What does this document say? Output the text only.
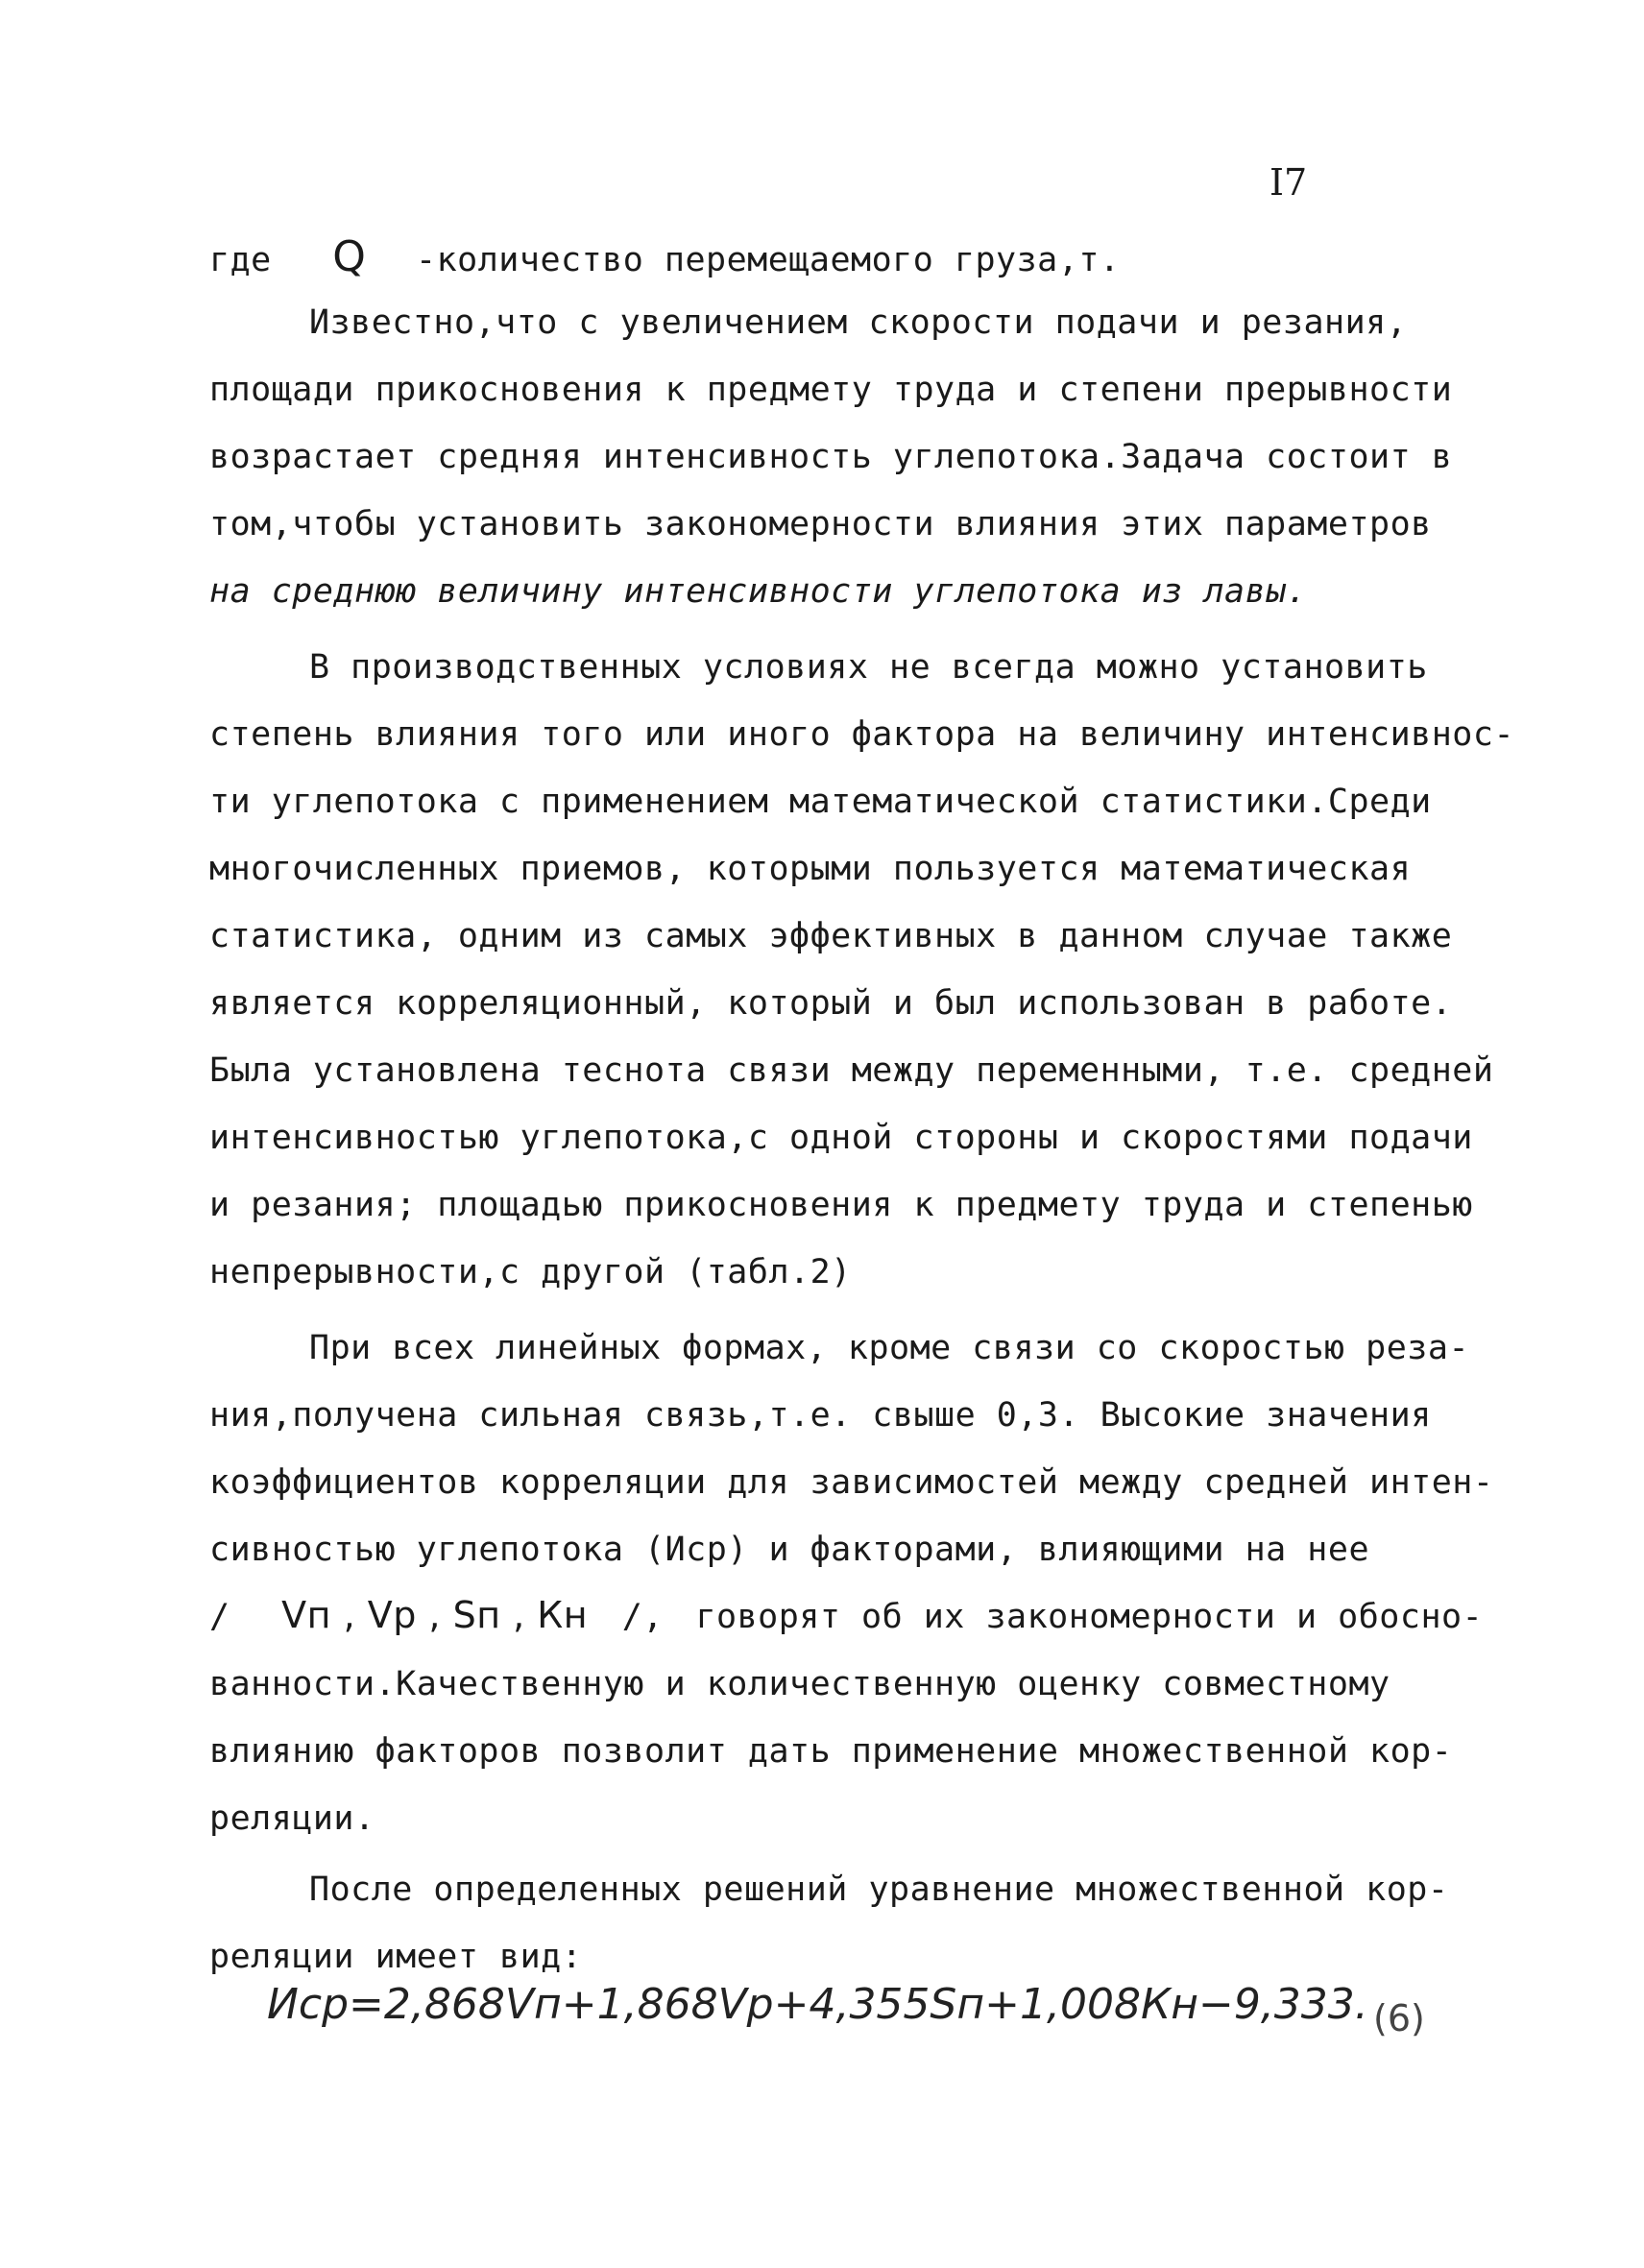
I7
где Q -количество перемещаемого груза,т.
Известно,что с увеличением скорости подачи и резания,
площади прикосновения к предмету труда и степени прерывности
возрастает средняя интенсивность углепотока.Задача состоит в
том,чтобы установить закономерности влияния этих параметров
на среднюю величину интенсивности углепотока из лавы.
В производственных условиях не всегда можно установить
степень влияния того или иного фактора на величину интенсивнос-
ти углепотока с применением математической статистики.Среди
многочисленных приемов, которыми пользуется математическая
статистика, одним из самых эффективных в данном случае также
является корреляционный, который и был использован в работе.
Была установлена теснота связи между переменными, т.е. средней
интенсивностью углепотока,с одной стороны и скоростями подачи
и резания; площадью прикосновения к предмету труда и степенью
непрерывности,с другой (табл.2)
При всех линейных формах, кроме связи со скоростью реза-
ния,получена сильная связь,т.е. свыше 0,3. Высокие значения
коэффициентов корреляции для зависимостей между средней интен-
сивностью углепотока (Иср) и факторами, влияющими на нее
/ Vп , Vр , Sп , Кн /, говорят об их закономерности и обосно-
ванности.Качественную и количественную оценку совместному
влиянию факторов позволит дать применение множественной кор-
реляции.
После определенных решений уравнение множественной кор-
реляции имеет вид:
Иср=2,868Vп+1,868Vр+4,355Sп+1,008Кн−9,333. (6)
